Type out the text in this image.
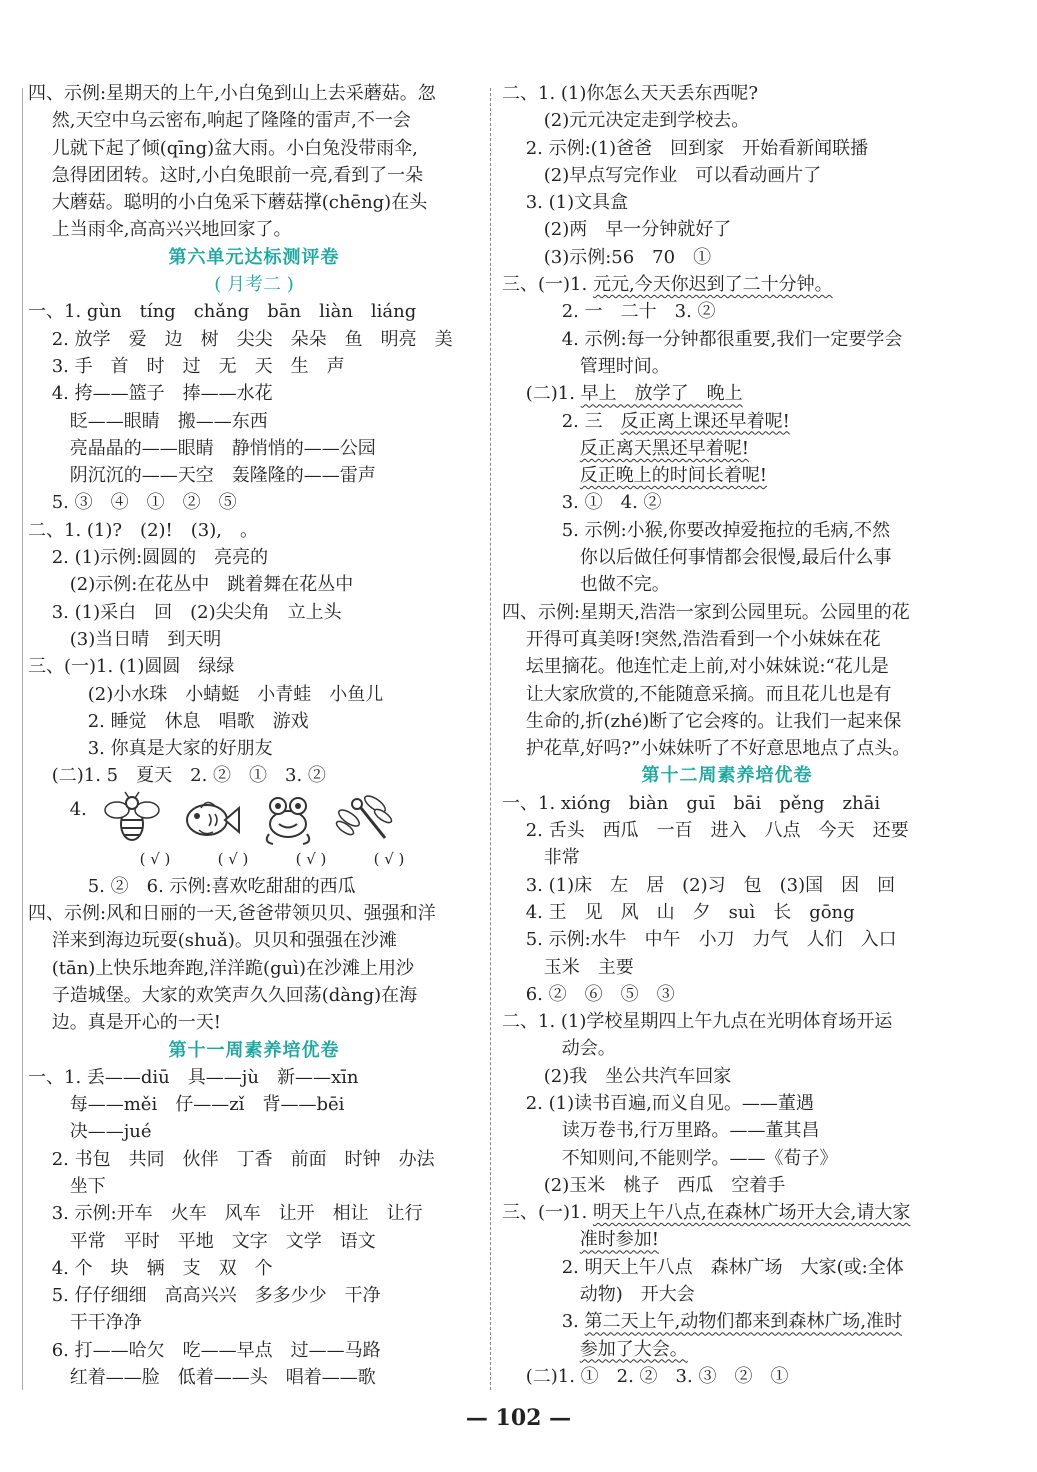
四、示例:星期天的上午,小白兔到山上去采蘑菇。忽
　 然,天空中乌云密布,响起了隆隆的雷声,不一会
　 儿就下起了倾(qīng)盆大雨。小白兔没带雨伞,
　 急得团团转。这时,小白兔眼前一亮,看到了一朵
　 大蘑菇。聪明的小白兔采下蘑菇撑(chēng)在头
　 上当雨伞,高高兴兴地回家了。
第六单元达标测评卷
( 月考二 )
一、1. gùn　tíng　chǎng　bān　liàn　liáng
　 2. 放学　爱　边　树　尖尖　朵朵　鱼　明亮　美
　 3. 手　首　时　过　无　天　生　声
　 4. 挎——篮子　捧——水花
　　 眨——眼睛　搬——东西
　　 亮晶晶的——眼睛　静悄悄的——公园
　　 阴沉沉的——天空　轰隆隆的——雷声
　 5. ③　④　①　②　⑤
二、1. (1)?　(2)!　(3),　。
　 2. (1)示例:圆圆的　亮亮的
　　 (2)示例:在花丛中　跳着舞在花丛中
　 3. (1)采白　回　(2)尖尖角　立上头
　　 (3)当日晴　到天明
三、(一)1. (1)圆圆　绿绿
　　　 (2)小水珠　小蜻蜓　小青蛙　小鱼儿
　　　 2. 睡觉　休息　唱歌　游戏
　　　 3. 你真是大家的好朋友
　 (二)1. 5　夏天　2. ②　①　3. ②
　　 4.
( √ )	( √ )	( √ )	( √ )
　　　 5. ②　6. 示例:喜欢吃甜甜的西瓜
四、示例:风和日丽的一天,爸爸带领贝贝、强强和洋
　 洋来到海边玩耍(shuǎ)。贝贝和强强在沙滩
　 (tān)上快乐地奔跑,洋洋跪(guì)在沙滩上用沙
　 子造城堡。大家的欢笑声久久回荡(dàng)在海
　 边。真是开心的一天!
第十一周素养培优卷
一、1. 丢——diū　具——jù　新——xīn
　　 每——měi　仔——zǐ　背——bēi
　　 决——jué
　 2. 书包　共同　伙伴　丁香　前面　时钟　办法
　　 坐下
　 3. 示例:开车　火车　风车　让开　相让　让行
　　 平常　平时　平地　文字　文学　语文
　 4. 个　块　辆　支　双　个
　 5. 仔仔细细　高高兴兴　多多少少　干净
　　 干干净净
　 6. 打——哈欠　吃——早点　过——马路
　　 红着——脸　低着——头　唱着——歌
二、1. (1)你怎么天天丢东西呢?
　　 (2)元元决定走到学校去。
　 2. 示例:(1)爸爸　回到家　开始看新闻联播
　　 (2)早点写完作业　可以看动画片了
　 3. (1)文具盒
　　 (2)两　早一分钟就好了
　　 (3)示例:56　70　①
三、(一)1. 元元,今天你迟到了二十分钟。
　　　 2. 一　二十　3. ②
　　　 4. 示例:每一分钟都很重要,我们一定要学会
　　　　 管理时间。
　 (二)1. 早上　放学了　晚上
　　　 2. 三　反正离上课还早着呢!
　　　　 反正离天黑还早着呢!
　　　　 反正晚上的时间长着呢!
　　　 3. ①　4. ②
　　　 5. 示例:小猴,你要改掉爱拖拉的毛病,不然
　　　　 你以后做任何事情都会很慢,最后什么事
　　　　 也做不完。
四、示例:星期天,浩浩一家到公园里玩。公园里的花
　 开得可真美呀!突然,浩浩看到一个小妹妹在花
　 坛里摘花。他连忙走上前,对小妹妹说:“花儿是
　 让大家欣赏的,不能随意采摘。而且花儿也是有
　 生命的,折(zhé)断了它会疼的。让我们一起来保
　 护花草,好吗?”小妹妹听了不好意思地点了点头。
第十二周素养培优卷
一、1. xióng　biàn　guī　bāi　pěng　zhāi
　 2. 舌头　西瓜　一百　进入　八点　今天　还要
　　 非常
　 3. (1)床　左　居　(2)习　包　(3)国　因　回
　 4. 王　见　风　山　夕　suì　长　gōng
　 5. 示例:水牛　中午　小刀　力气　人们　入口
　　 玉米　主要
　 6. ②　⑥　⑤　③
二、1. (1)学校星期四上午九点在光明体育场开运
　　　 动会。
　　 (2)我　坐公共汽车回家
　 2. (1)读书百遍,而义自见。——董遇
　　　 读万卷书,行万里路。——董其昌
　　　 不知则问,不能则学。——《荀子》
　　 (2)玉米　桃子　西瓜　空着手
三、(一)1. 明天上午八点,在森林广场开大会,请大家
　　　　 准时参加!
　　　 2. 明天上午八点　森林广场　大家(或:全体
　　　　 动物)　开大会
　　　 3. 第二天上午,动物们都来到森林广场,准时
　　　　 参加了大会。
　 (二)1. ①　2. ②　3. ③　②　①
— 102 —
